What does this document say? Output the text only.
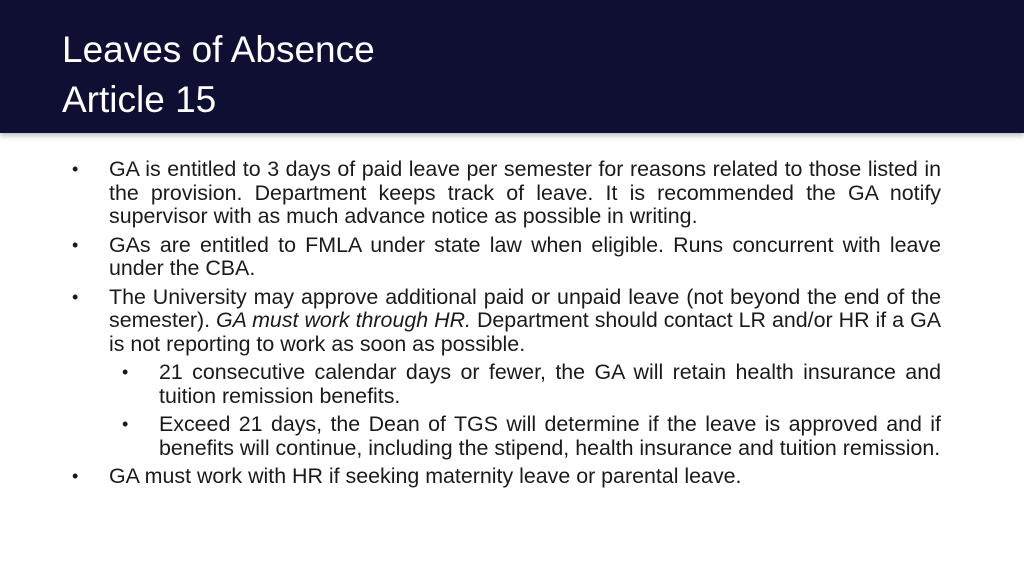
Leaves of Absence
Article 15
• GA is entitled to 3 days of paid leave per semester for reasons related to those listed in the provision. Department keeps track of leave. It is recommended the GA notify supervisor with as much advance notice as possible in writing.
• GAs are entitled to FMLA under state law when eligible. Runs concurrent with leave under the CBA.
• The University may approve additional paid or unpaid leave (not beyond the end of the semester). GA must work through HR. Department should contact LR and/or HR if a GA is not reporting to work as soon as possible.
• 21 consecutive calendar days or fewer, the GA will retain health insurance and tuition remission benefits.
• Exceed 21 days, the Dean of TGS will determine if the leave is approved and if benefits will continue, including the stipend, health insurance and tuition remission.
• GA must work with HR if seeking maternity leave or parental leave.
